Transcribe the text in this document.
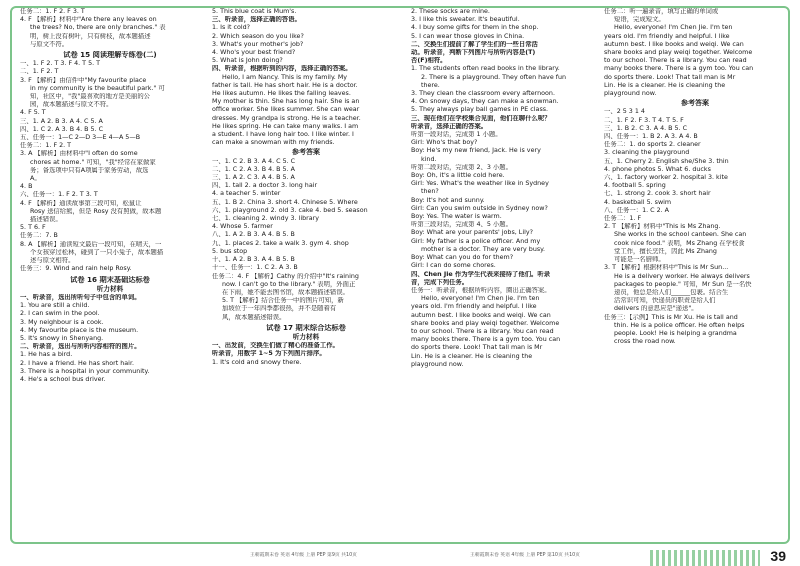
任务二：1. F 2. F 3. T
4. F 【解析】材料中"Are there any leaves on
the trees? No, there are only branches." 表
明，树上没有树叶，只有树枝，故本题描述
与原文不符。
试卷 15 阅读理解专练卷(二)
一、1. F 2. T 3. F 4. T 5. T
二、1. F 2. T
3. F 【解析】由信件中"My favourite place
in my community is the beautiful park." 可
知，社区中，"我"最喜欢的地方是美丽的公
园，故本题描述与原文不符。
4. F 5. T
三、1. A 2. B 3. A 4. C 5. A
四、1. C 2. A 3. B 4. B 5. C
五、任务一：1—C 2—D 3—E 4—A 5—B
任务二：1. F 2. T
3. A 【解析】由材料中"I often do some
chores at home." 可知，"我"经常在家做家
务；备选项中只有A项属于家务劳动，故选
A。
4. B
六、任务一：1. F 2. T 3. T
4. F 【解析】通读故事第三段可知，松鼠让
Rosy 送信给熊，但是 Rosy 没有照做，故本题
描述错误。
5. T 6. F
任务二：7. B
8. A 【解析】通读短文最后一段可知，在晴天，一
个女孩穿过松林，碰到了一只小兔子，故本题描
述与原文相符。
任务三：9. Wind and rain help Rosy.
试卷 16 期末基础达标卷
听力材料
一、听录音，选出所听句子中包含的单词。
1. You are still a child.
2. I can swim in the pool.
3. My neighbour is a cook.
4. My favourite place is the museum.
5. It's snowy in Shenyang.
二、听录音，选出与所听内容相符的图片。
1. He has a bird.
2. I have a friend. He has short hair.
3. There is a hospital in your community.
4. He's a school bus driver.
5. This blue coat is Mum's.
三、听录音，选择正确的答语。
1. Is it cold?
2. Which season do you like?
3. What's your mother's job?
4. Who's your best friend?
5. What is John doing?
四、听录音，根据听到的内容，选择正确的答案。
Hello, I am Nancy. This is my family. My
father is tall. He has short hair. He is a doctor.
He likes autumn. He likes the falling leaves.
My mother is thin. She has long hair. She is an
office worker. She likes summer. She can wear
dresses. My grandpa is strong. He is a teacher.
He likes spring. He can take many walks. I am
a student. I have long hair too. I like winter. I
can make a snowman with my friends.
参考答案
一、1. C 2. B 3. A 4. C 5. C
二、1. C 2. A 3. B 4. B 5. A
三、1. A 2. C 3. A 4. B 5. A
四、1. tall 2. a doctor 3. long hair
4. a teacher 5. winter
五、1. B 2. China 3. short 4. Chinese 5. Where
六、1. playground 2. old 3. cake 4. bed 5. season
七、1. cleaning 2. windy 3. library
4. Whose 5. farmer
八、1. A 2. B 3. A 4. B 5. B
九、1. places 2. take a walk 3. gym 4. shop
5. bus stop
十、1. A 2. B 3. A 4. B 5. B
十一、任务一：1. C 2. A 3. B
任务二：4. F 【解析】Cathy 的介绍中"It's raining
now. I can't go to the library." 表明，外面正
在下雨，她不能去图书馆，故本题描述错误。
5. T 【解析】结合任务一中的图片可知，新
加坡位于一年四季都很热，并不是随着有
风，故本题描述错误。
试卷 17 期末综合达标卷
听力材料
一、出发前，交换生们做了精心的准备工作。
听录音，用数字 1~5 为下列图片排序。
1. It's cold and snowy there.
2. These socks are mine.
3. I like this sweater. It's beautiful.
4. I buy some gifts for them in the shop.
5. I can wear those gloves in China.
二、交换生们提前了解了学生们的一些日常活
动。听录音，判断下列图片与所听内容是(T)
否(F)相符。
1. The students often read books in the library.
2. There is a playground. They often have fun
there.
3. They clean the classroom every afternoon.
4. On snowy days, they can make a snowman.
5. They always play ball games in PE class.
三、现在他们在学校集合见面，他们在聊什么呢？
听录音，选择正确的答案。
听第一段对话，完成第 1 小题。
Girl: Who's that boy?
Boy: He's my new friend, Jack. He is very
kind.
听第二段对话，完成第 2、3 小题。
Boy: Oh, it's a little cold here.
Girl: Yes. What's the weather like in Sydney
then?
Boy: It's hot and sunny.
Girl: Can you swim outside in Sydney now?
Boy: Yes. The water is warm.
听第三段对话，完成第 4、5 小题。
Boy: What are your parents' jobs, Lily?
Girl: My father is a police officer. And my
mother is a doctor. They are very busy.
Boy: What can you do for them?
Girl: I can do some chores.
四、Chen Jie 作为学生代表来接待了他们。听录
音，完成下列任务。
任务一：听录音，根据所听内容，圈出正确答案。
Hello, everyone! I'm Chen Jie. I'm ten
years old. I'm friendly and helpful. I like
autumn best. I like books and weiqi. We can
share books and play weiqi together. Welcome
to our school. There is a library. You can read
many books there. There is a gym too. You can
do sports there. Look! That tall man is Mr
Lin. He is a cleaner. He is cleaning the
playground now.
任务二：听一遍录音，填写正确的单词或
短语，完成短文。
Hello, everyone! I'm Chen Jie. I'm ten
years old. I'm friendly and helpful. I like
autumn best. I like books and weiqi. We can
share books and play weiqi together. Welcome
to our school. There is a library. You can read
many books there. There is a gym too. You can
do sports there. Look! That tall man is Mr
Lin. He is a cleaner. He is cleaning the
playground now.
参考答案
一、2 5 3 1 4
二、1. F 2. F 3. T 4. T 5. F
三、1. B 2. C 3. A 4. B 5. C
四、任务一：1. B 2. A 3. A 4. B
任务二：1. do sports 2. cleaner
3. cleaning the playground
五、1. Cherry 2. English she/She 3. thin
4. phone photos 5. What 6. ducks
六、1. factory worker 2. hospital 3. kite
4. football 5. spring
七、1. strong 2. cook 3. short hair
4. basketball 5. swim
八、任务一：1. C 2. A
任务二：1. F
2. T 【解析】材料中"This is Ms Zhang.
She works in the school canteen. She can
cook nice food." 表明，Ms Zhang 在学校食
堂工作，擅长烹饪，因此 Ms Zhang
可能是一名厨师。
3. T 【解析】根据材料中"This is Mr Sun...
He is a delivery worker. He always delivers
packages to people." 可知，Mr Sun 是一名快
递员，他总是给人们______包裹。结合生
活常识可知，快递员的职责是给人们
delivers 的意思应是"递送"。
任务三：【示例】This is Mr Xu. He is tall and
thin. He is a police officer. He often helps
people. Look! He is helping a grandma
cross the road now.
王朝霞期末卷 英语 4年级 上册 PEP 第9页 共10页	王朝霞期末卷 英语 4年级 上册 PEP 第10页 共10页	39
